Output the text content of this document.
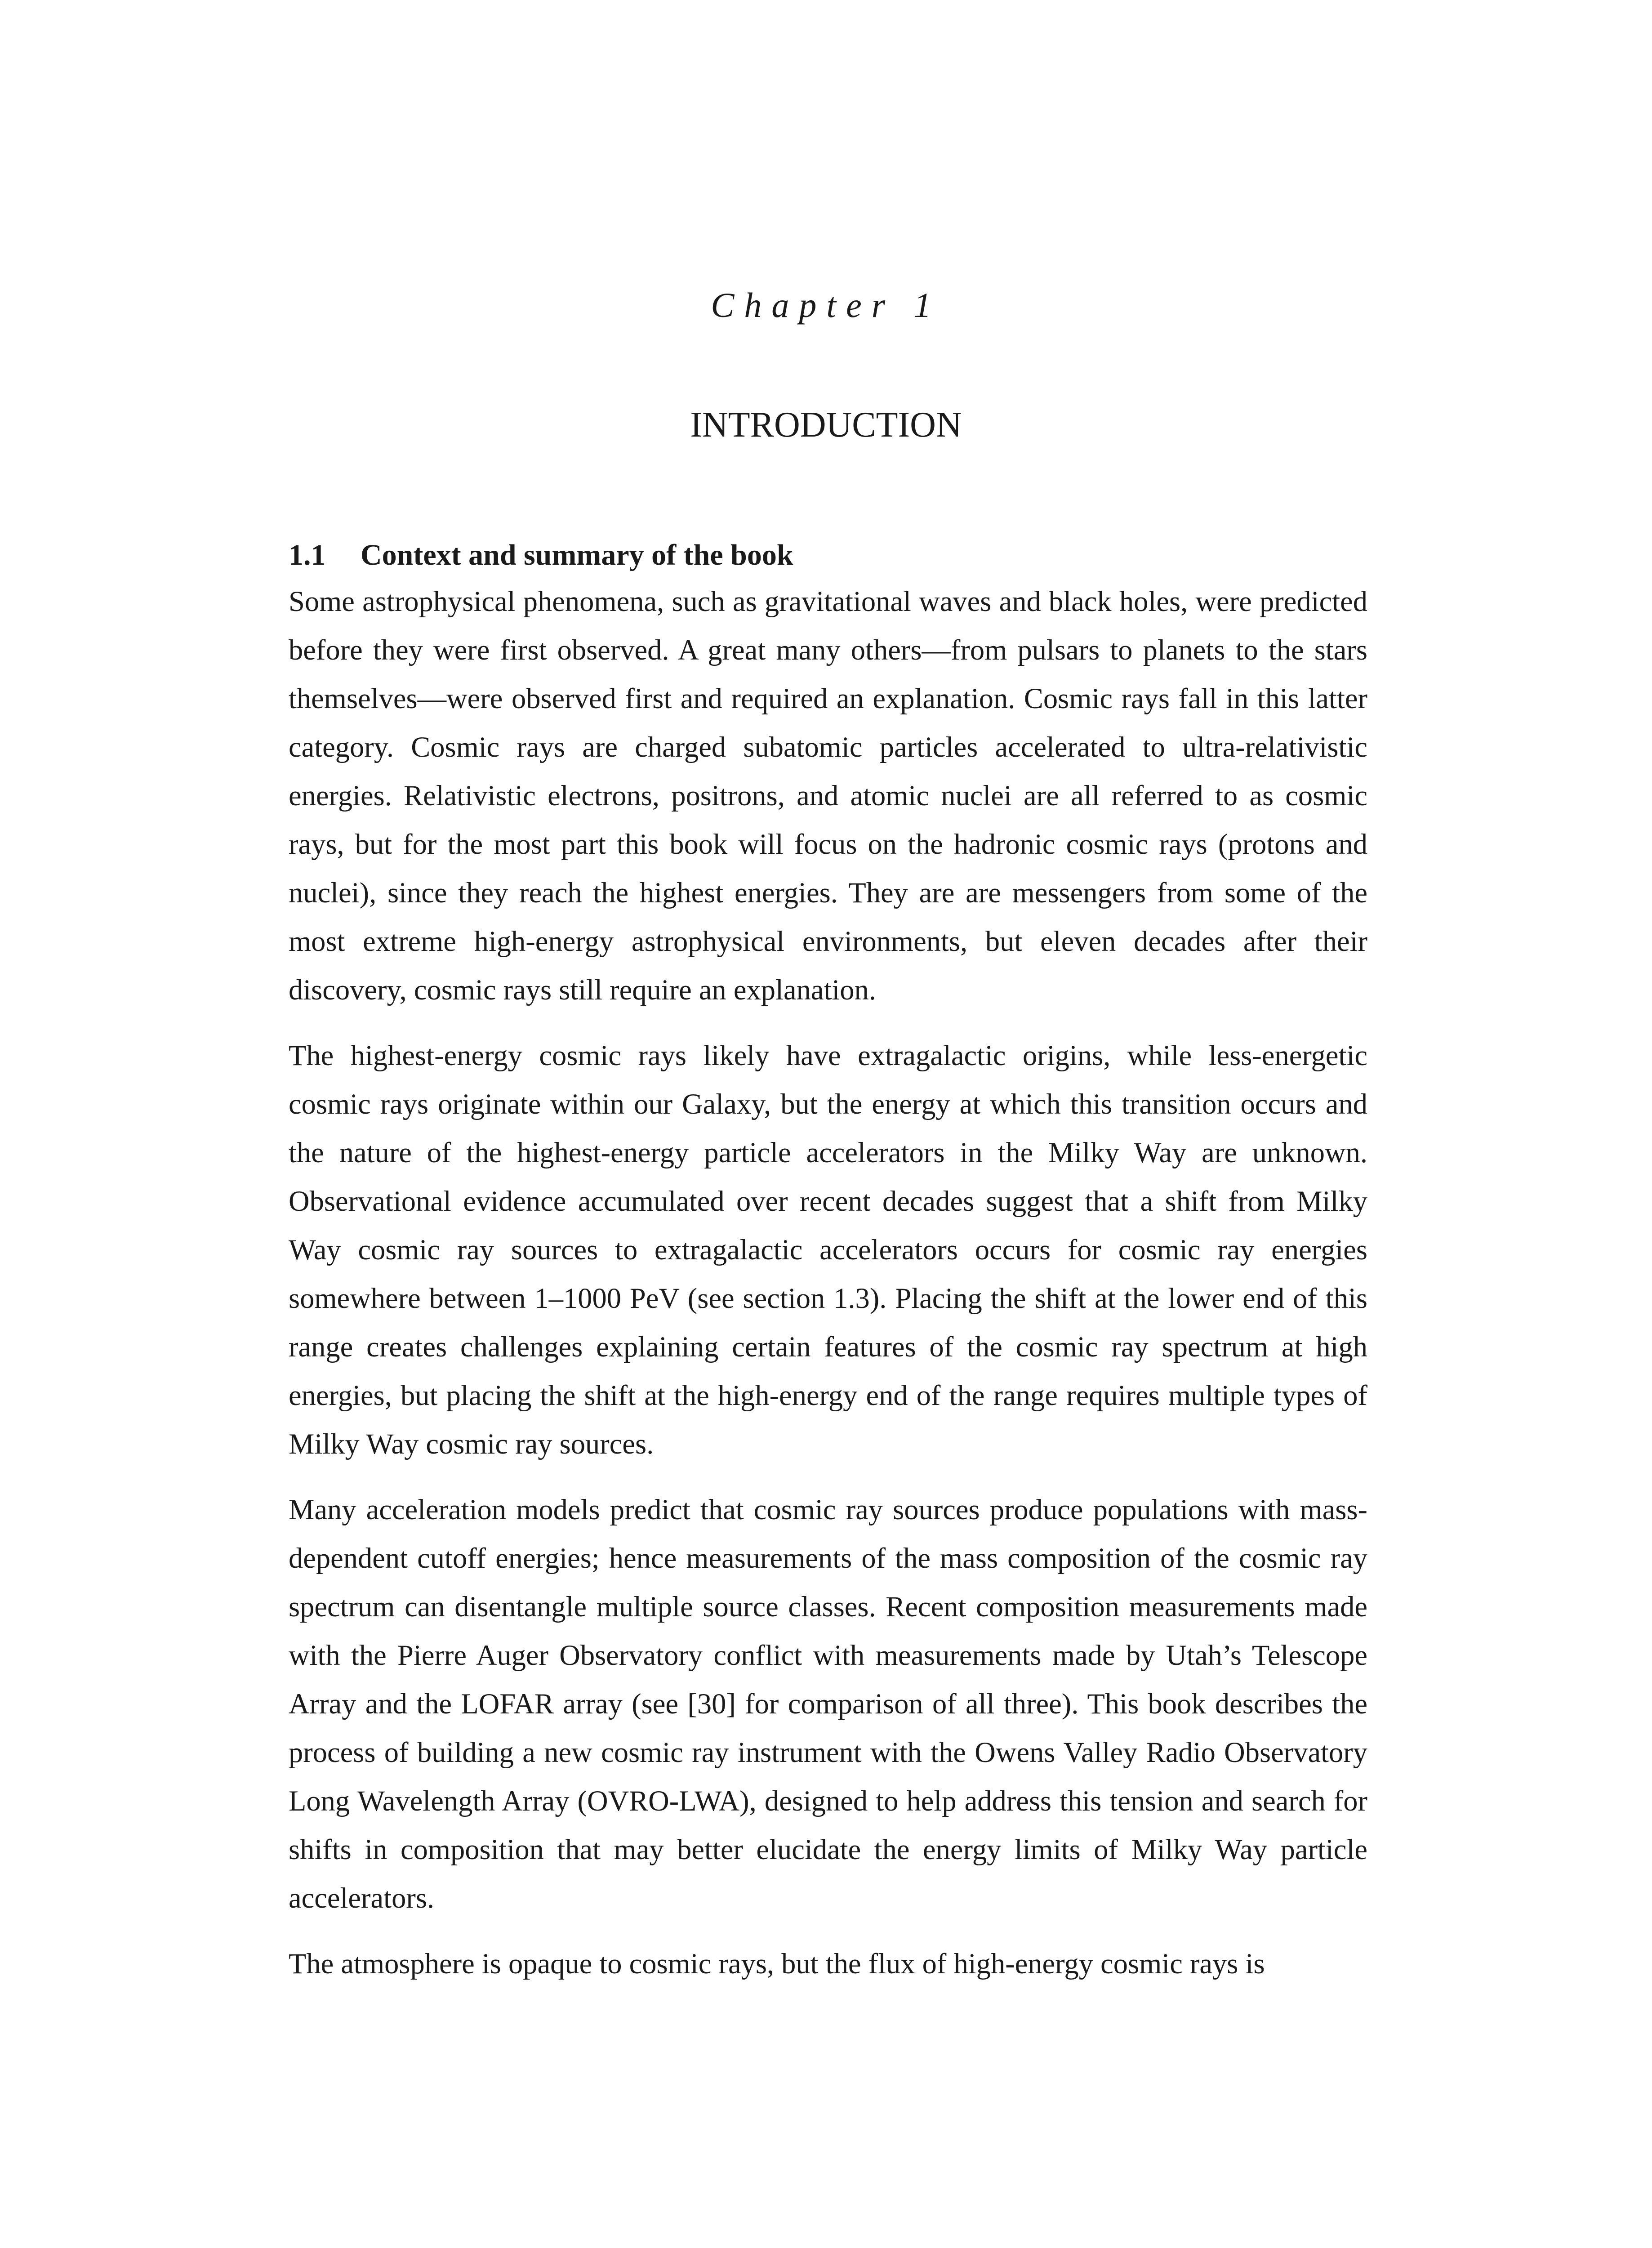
Chapter 1
INTRODUCTION
1.1 Context and summary of the book

Some astrophysical phenomena, such as gravitational waves and black holes, were predicted before they were first observed. A great many others—from pulsars to planets to the stars themselves—were observed first and required an explanation. Cosmic rays fall in this latter category. Cosmic rays are charged subatomic particles accelerated to ultra-relativistic energies. Relativistic electrons, positrons, and atomic nuclei are all referred to as cosmic rays, but for the most part this book will focus on the hadronic cosmic rays (protons and nuclei), since they reach the highest energies. They are are messengers from some of the most extreme high-energy astrophysical environments, but eleven decades after their discovery, cosmic rays still require an explanation.

The highest-energy cosmic rays likely have extragalactic origins, while less-energetic cosmic rays originate within our Galaxy, but the energy at which this transition occurs and the nature of the highest-energy particle accelerators in the Milky Way are unknown. Observational evidence accumulated over recent decades suggest that a shift from Milky Way cosmic ray sources to extragalactic accelerators occurs for cosmic ray energies somewhere between 1–1000 PeV (see section 1.3). Placing the shift at the lower end of this range creates challenges explaining certain features of the cosmic ray spectrum at high energies, but placing the shift at the high-energy end of the range requires multiple types of Milky Way cosmic ray sources.

Many acceleration models predict that cosmic ray sources produce populations with mass-dependent cutoff energies; hence measurements of the mass composition of the cosmic ray spectrum can disentangle multiple source classes. Recent composition measurements made with the Pierre Auger Observatory conflict with measurements made by Utah’s Telescope Array and the LOFAR array (see [30] for comparison of all three). This book describes the process of building a new cosmic ray instrument with the Owens Valley Radio Observatory Long Wavelength Array (OVRO-LWA), designed to help address this tension and search for shifts in composition that may better elucidate the energy limits of Milky Way particle accelerators.

The atmosphere is opaque to cosmic rays, but the flux of high-energy cosmic rays is
